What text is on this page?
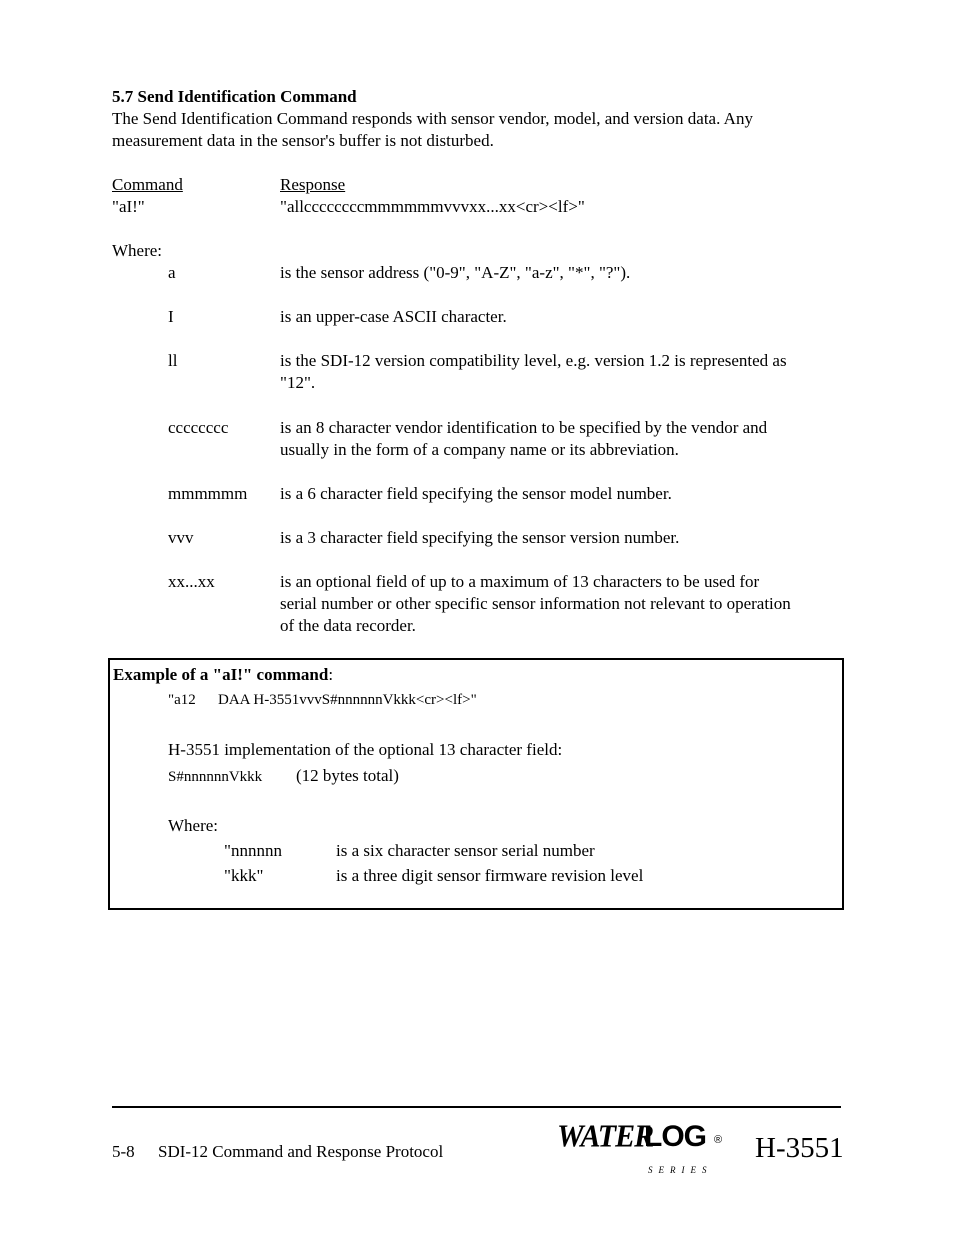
5.7 Send Identification Command
The Send Identification Command responds with sensor vendor, model, and version data. Any
measurement data in the sensor's buffer is not disturbed.
Command	Response
"aI!"	"allccccccccmmmmmmvvvxx...xx<cr><lf>"
Where:
a	is the sensor address ("0-9", "A-Z", "a-z", "*", "?").
I	is an upper-case ASCII character.
ll	is the SDI-12 version compatibility level, e.g. version 1.2 is represented as
"12".
cccccccc	is an 8 character vendor identification to be specified by the vendor and
usually in the form of a company name or its abbreviation.
mmmmmm is a 6 character field specifying the sensor model number.
vvv	is a 3 character field specifying the sensor version number.
xx...xx	is an optional field of up to a maximum of 13 characters to be used for
serial number or other specific sensor information not relevant to operation
of the data recorder.
Example of a "aI!" command:
"a12 DAA H-3551vvvS#nnnnnnVkkk<cr><lf>"
H-3551 implementation of the optional 13 character field:
S#nnnnnnVkkk (12 bytes total)
Where:
"nnnnnn	is a six character sensor serial number
"kkk"	is a three digit sensor firmware revision level
5-8 SDI-12 Command and Response Protocol	WATER
LOG
SERIES
® H-3551
